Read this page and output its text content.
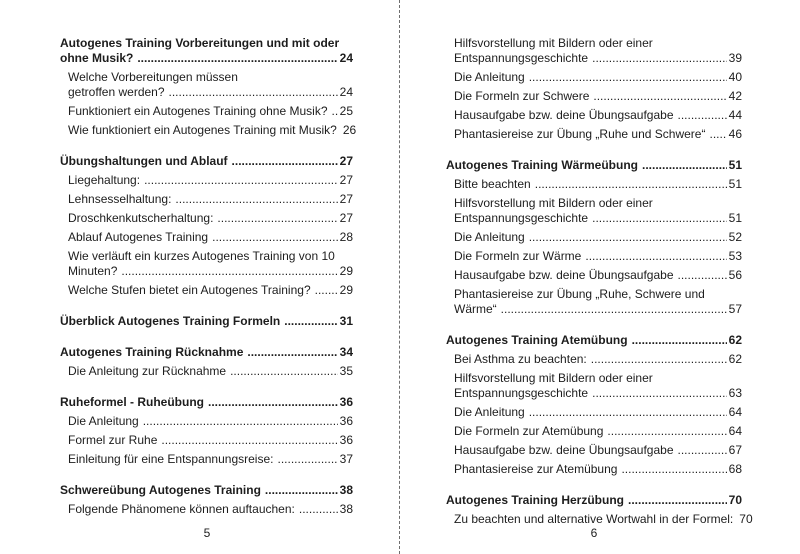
Autogenes Training Vorbereitungen und mit oder
ohne Musik? .....	24
Welche Vorbereitungen müssen
getroffen werden? .....	24
Funktioniert ein Autogenes Training ohne Musik? ..... 25
Wie funktioniert ein Autogenes Training mit Musik? 26
Übungshaltungen und Ablauf .....	27
Liegehaltung: .....	27
Lehnsesselhaltung: .....	27
Droschkenkutscherhaltung: .....	27
Ablauf Autogenes Training .....	28
Wie verläuft ein kurzes Autogenes Training von 10
Minuten? .....	29
Welche Stufen bietet ein Autogenes Training? ..... 29
Überblick Autogenes Training Formeln .....	31
Autogenes Training Rücknahme .....	34
Die Anleitung zur Rücknahme .....	35
Ruheformel - Ruheübung .....	36
Die Anleitung .....	36
Formel zur Ruhe .....	36
Einleitung für eine Entspannungsreise: .....	37
Schwereübung Autogenes Training .....	38
Folgende Phänomene können auftauchen: .....	38
5
Hilfsvorstellung mit Bildern oder einer
Entspannungsgeschichte .....	39
Die Anleitung .....	40
Die Formeln zur Schwere .....	42
Hausaufgabe bzw. deine Übungsaufgabe .....	44
Phantasiereise zur Übung „Ruhe und Schwere“ ..... 46
Autogenes Training Wärmeübung .....	51
Bitte beachten .....	51
Hilfsvorstellung mit Bildern oder einer
Entspannungsgeschichte .....	51
Die Anleitung .....	52
Die Formeln zur Wärme .....	53
Hausaufgabe bzw. deine Übungsaufgabe .....	56
Phantasiereise zur Übung „Ruhe, Schwere und
Wärme“ .....	57
Autogenes Training Atemübung .....	62
Bei Asthma zu beachten: .....	62
Hilfsvorstellung mit Bildern oder einer
Entspannungsgeschichte .....	63
Die Anleitung .....	64
Die Formeln zur Atemübung .....	64
Hausaufgabe bzw. deine Übungsaufgabe .....	67
Phantasiereise zur Atemübung .....	68
Autogenes Training Herzübung .....	70
Zu beachten und alternative Wortwahl in der Formel: 70
6
